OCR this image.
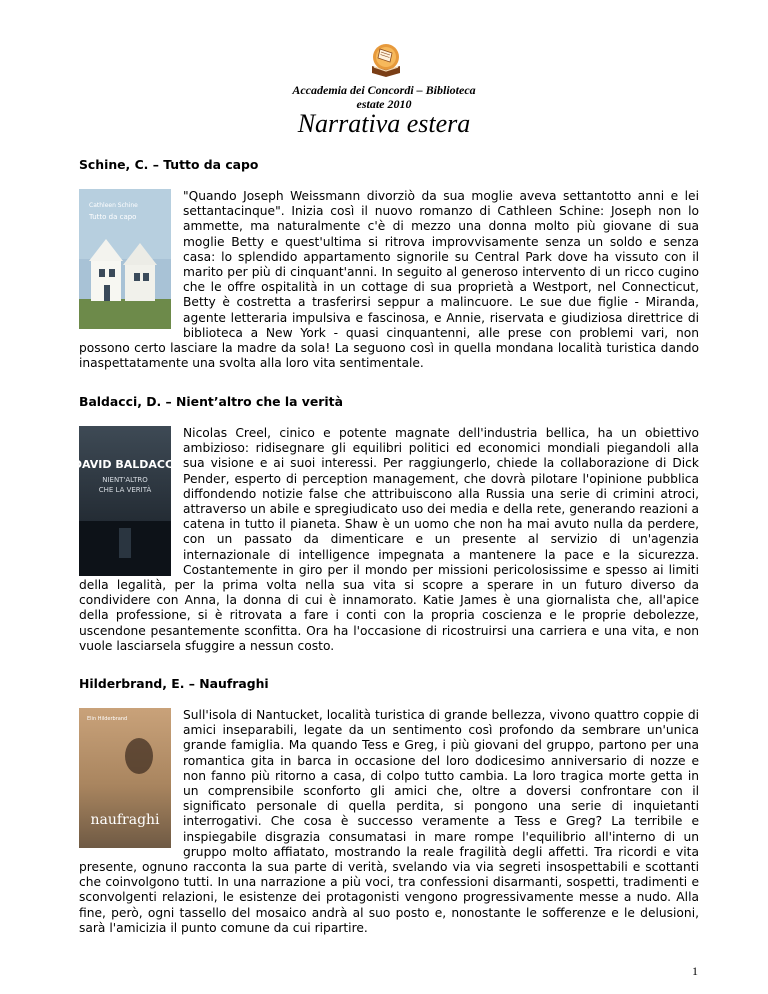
Accademia dei Concordi – Biblioteca
estate 2010
Narrativa estera
Schine, C. – Tutto da capo
Cathleen Schine
Tutto da capo
"Quando Joseph Weissmann divorziò da sua moglie aveva settantotto anni e lei settantacinque". Inizia così il nuovo romanzo di Cathleen Schine: Joseph non lo ammette, ma naturalmente c'è di mezzo una donna molto più giovane di sua moglie Betty e quest'ultima si ritrova improvvisamente senza un soldo e senza casa: lo splendido appartamento signorile su Central Park dove ha vissuto con il marito per più di cinquant'anni. In seguito al generoso intervento di un ricco cugino che le offre ospitalità in un cottage di sua proprietà a Westport, nel Connecticut, Betty è costretta a trasferirsi seppur a malincuore. Le sue due figlie - Miranda, agente letteraria impulsiva e fascinosa, e Annie, riservata e giudiziosa direttrice di biblioteca a New York - quasi cinquantenni, alle prese con problemi vari, non possono certo lasciare la madre da sola! La seguono così in quella mondana località turistica dando inaspettatamente una svolta alla loro vita sentimentale.
Baldacci, D. – Nient’altro che la verità
DAVID BALDACCI
NIENT'ALTRO
CHE LA VERITÀ
Nicolas Creel, cinico e potente magnate dell'industria bellica, ha un obiettivo ambizioso: ridisegnare gli equilibri politici ed economici mondiali piegandoli alla sua visione e ai suoi interessi. Per raggiungerlo, chiede la collaborazione di Dick Pender, esperto di perception management, che dovrà pilotare l'opinione pubblica diffondendo notizie false che attribuiscono alla Russia una serie di crimini atroci, attraverso un abile e spregiudicato uso dei media e della rete, generando reazioni a catena in tutto il pianeta. Shaw è un uomo che non ha mai avuto nulla da perdere, con un passato da dimenticare e un presente al servizio di un'agenzia internazionale di intelligence impegnata a mantenere la pace e la sicurezza. Costantemente in giro per il mondo per missioni pericolosissime e spesso ai limiti della legalità, per la prima volta nella sua vita si scopre a sperare in un futuro diverso da condividere con Anna, la donna di cui è innamorato. Katie James è una giornalista che, all'apice della professione, si è ritrovata a fare i conti con la propria coscienza e le proprie debolezze, uscendone pesantemente sconfitta. Ora ha l'occasione di ricostruirsi una carriera e una vita, e non vuole lasciarsela sfuggire a nessun costo.
Hilderbrand, E. – Naufraghi
Elin Hilderbrand
naufraghi
Sull'isola di Nantucket, località turistica di grande bellezza, vivono quattro coppie di amici inseparabili, legate da un sentimento così profondo da sembrare un'unica grande famiglia. Ma quando Tess e Greg, i più giovani del gruppo, partono per una romantica gita in barca in occasione del loro dodicesimo anniversario di nozze e non fanno più ritorno a casa, di colpo tutto cambia. La loro tragica morte getta in un comprensibile sconforto gli amici che, oltre a doversi confrontare con il significato personale di quella perdita, si pongono una serie di inquietanti interrogativi. Che cosa è successo veramente a Tess e Greg? La terribile e inspiegabile disgrazia consumatasi in mare rompe l'equilibrio all'interno di un gruppo molto affiatato, mostrando la reale fragilità degli affetti. Tra ricordi e vita presente, ognuno racconta la sua parte di verità, svelando via via segreti insospettabili e scottanti che coinvolgono tutti. In una narrazione a più voci, tra confessioni disarmanti, sospetti, tradimenti e sconvolgenti relazioni, le esistenze dei protagonisti vengono progressivamente messe a nudo. Alla fine, però, ogni tassello del mosaico andrà al suo posto e, nonostante le sofferenze e le delusioni, sarà l'amicizia il punto comune da cui ripartire.
1
